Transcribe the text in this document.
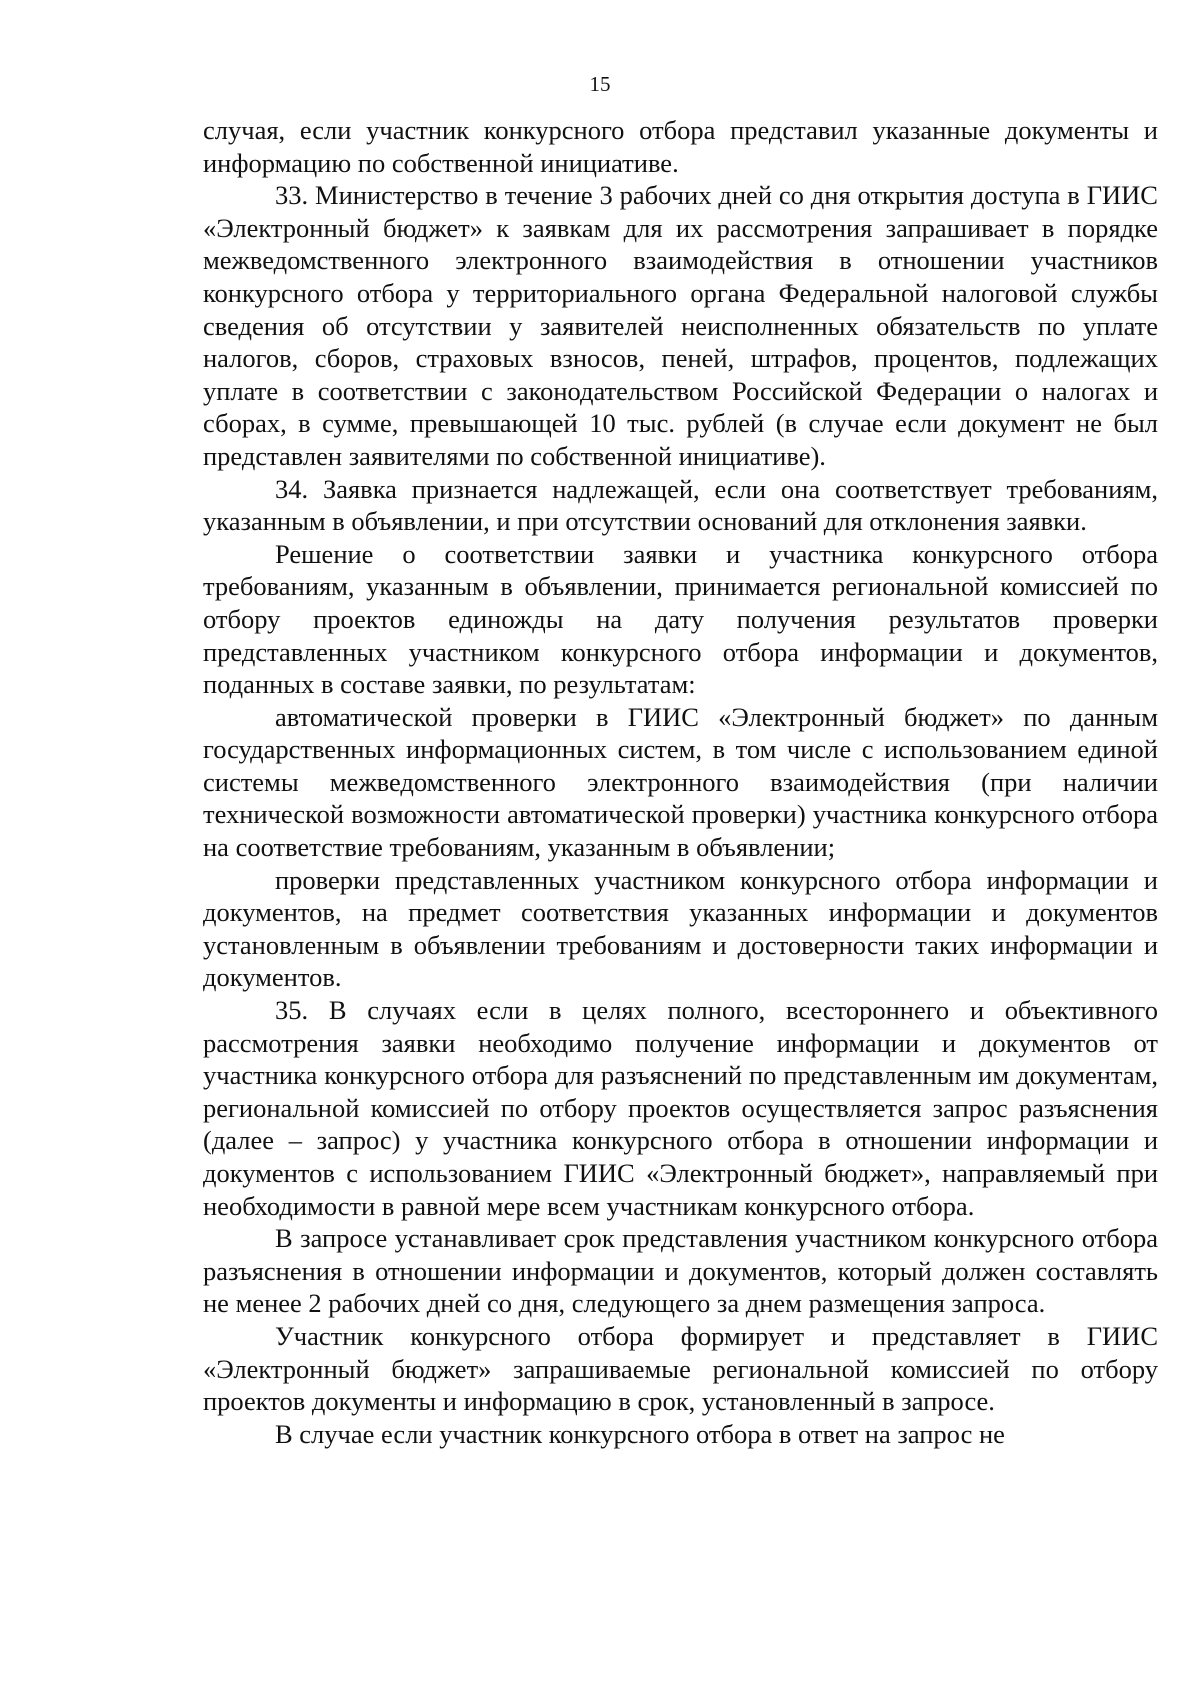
15

случая, если участник конкурсного отбора представил указанные документы и информацию по собственной инициативе.

33. Министерство в течение 3 рабочих дней со дня открытия доступа в ГИИС «Электронный бюджет» к заявкам для их рассмотрения запрашивает в порядке межведомственного электронного взаимодействия в отношении участников конкурсного отбора у территориального органа Федеральной налоговой службы сведения об отсутствии у заявителей неисполненных обязательств по уплате налогов, сборов, страховых взносов, пеней, штрафов, процентов, подлежащих уплате в соответствии с законодательством Российской Федерации о налогах и сборах, в сумме, превышающей 10 тыс. рублей (в случае если документ не был представлен заявителями по собственной инициативе).

34. Заявка признается надлежащей, если она соответствует требованиям, указанным в объявлении, и при отсутствии оснований для отклонения заявки.

Решение о соответствии заявки и участника конкурсного отбора требованиям, указанным в объявлении, принимается региональной комиссией по отбору проектов единожды на дату получения результатов проверки представленных участником конкурсного отбора информации и документов, поданных в составе заявки, по результатам:

автоматической проверки в ГИИС «Электронный бюджет» по данным государственных информационных систем, в том числе с использованием единой системы межведомственного электронного взаимодействия (при наличии технической возможности автоматической проверки) участника конкурсного отбора на соответствие требованиям, указанным в объявлении;

проверки представленных участником конкурсного отбора информации и документов, на предмет соответствия указанных информации и документов установленным в объявлении требованиям и достоверности таких информации и документов.

35. В случаях если в целях полного, всестороннего и объективного рассмотрения заявки необходимо получение информации и документов от участника конкурсного отбора для разъяснений по представленным им документам, региональной комиссией по отбору проектов осуществляется запрос разъяснения (далее – запрос) у участника конкурсного отбора в отношении информации и документов с использованием ГИИС «Электронный бюджет», направляемый при необходимости в равной мере всем участникам конкурсного отбора.

В запросе устанавливает срок представления участником конкурсного отбора разъяснения в отношении информации и документов, который должен составлять не менее 2 рабочих дней со дня, следующего за днем размещения запроса.

Участник конкурсного отбора формирует и представляет в ГИИС «Электронный бюджет» запрашиваемые региональной комиссией по отбору проектов документы и информацию в срок, установленный в запросе.

В случае если участник конкурсного отбора в ответ на запрос не
